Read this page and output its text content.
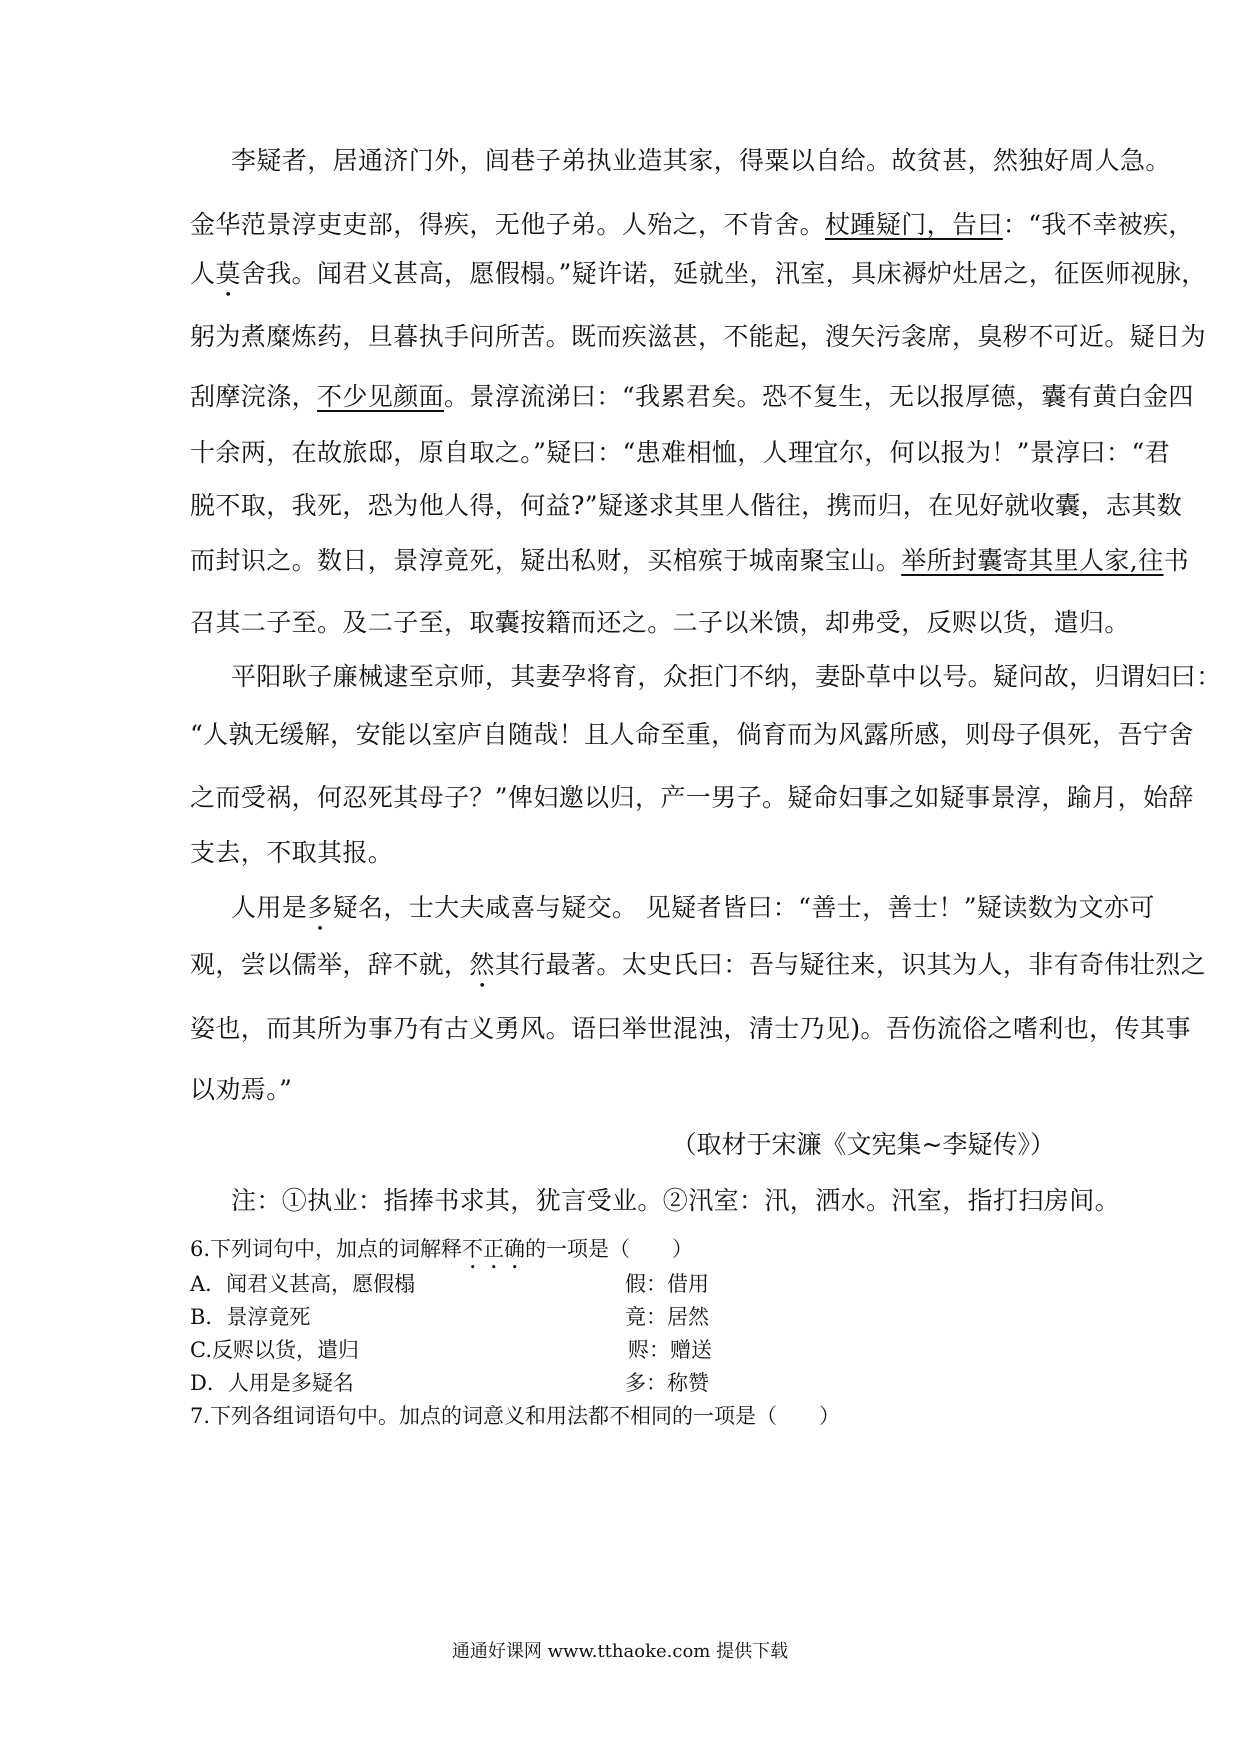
李疑者，居通济门外，闾巷子弟执业造其家，得粟以自给。故贫甚，然独好周人急。
金华范景淳吏吏部，得疾，无他子弟。人殆之，不肯舍。杖踵疑门，告曰：“我不幸被疾，
人莫舍我。闻君义甚高，愿假榻。”疑许诺，延就坐，汛室，具床褥炉灶居之，征医师视脉，
躬为煮糜炼药，旦暮执手问所苦。既而疾滋甚，不能起，溲矢污衾席，臭秽不可近。疑日为
刮摩浣涤，不少见颜面。景淳流涕曰：“我累君矣。恐不复生，无以报厚德，囊有黄白金四
十余两，在故旅邸，原自取之。”疑曰：“患难相恤，人理宜尔，何以报为！”景淳曰：“君
脱不取，我死，恐为他人得，何益?”疑遂求其里人偕往，携而归，在见好就收囊，志其数
而封识之。数日，景淳竟死，疑出私财，买棺殡于城南聚宝山。举所封囊寄其里人家,往书
召其二子至。及二子至，取囊按籍而还之。二子以米馈，却弗受，反赆以货，遣归。
平阳耿子廉械逮至京师，其妻孕将育，众拒门不纳，妻卧草中以号。疑问故，归谓妇曰：
“人孰无缓解，安能以室庐自随哉！且人命至重，倘育而为风露所感，则母子俱死，吾宁舍
之而受祸，何忍死其母子？”俾妇邀以归，产一男子。疑命妇事之如疑事景淳，踰月，始辞
支去，不取其报。
人用是多疑名，士大夫咸喜与疑交。 见疑者皆曰：“善士，善士！”疑读数为文亦可
观，尝以儒举，辞不就，然其行最著。太史氏曰：吾与疑往来，识其为人，非有奇伟壮烈之
姿也，而其所为事乃有古义勇风。语曰举世混浊，清士乃见)。吾伤流俗之嗜利也，传其事
以劝焉。”
（取材于宋濂《文宪集~李疑传》）
注：①执业：指捧书求其，犹言受业。②汛室：汛，洒水。汛室，指打扫房间。
6.下列词句中，加点的词解释不正确的一项是（　　）
A．闻君义甚高，愿假榻	假：借用
B．景淳竟死	竟：居然
C.反赆以货，遣归	赆：赠送
D．人用是多疑名	多：称赞
7.下列各组词语句中。加点的词意义和用法都不相同的一项是（　　）
通通好课网 www.tthaoke.com 提供下载
